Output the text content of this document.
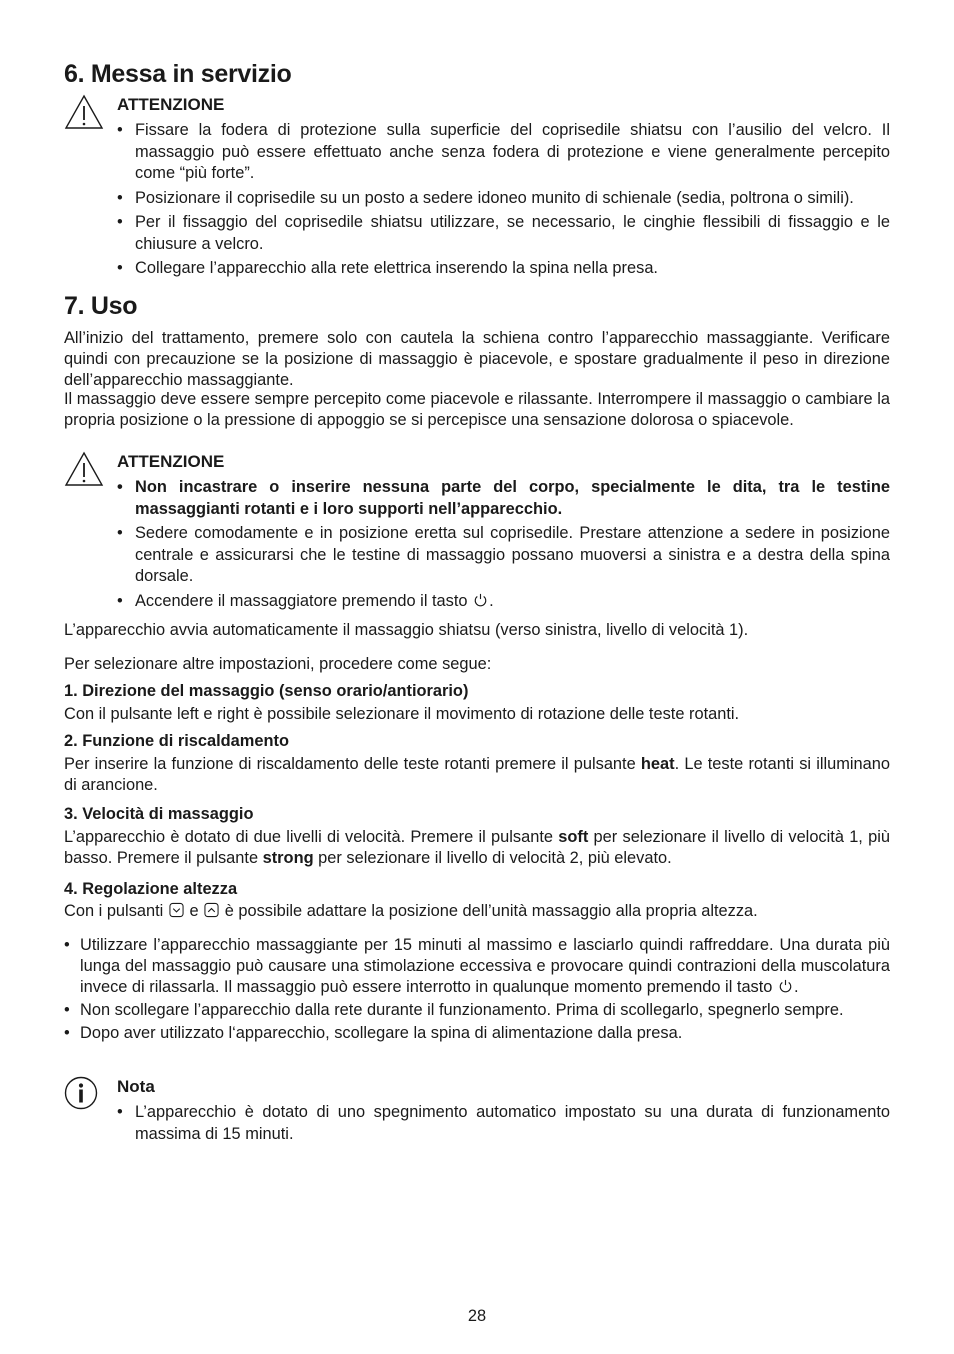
6. Messa in servizio
ATTENZIONE
• Fissare la fodera di protezione sulla superficie del coprisedile shiatsu con l’ausilio del velcro. Il massaggio può essere effettuato anche senza fodera di protezione e viene generalmente percepito come “più forte”.
• Posizionare il coprisedile su un posto a sedere idoneo munito di schienale (sedia, poltrona o simili).
• Per il fissaggio del coprisedile shiatsu utilizzare, se necessario, le cinghie flessibili di fissaggio e le chiusure a velcro.
• Collegare l’apparecchio alla rete elettrica inserendo la spina nella presa.
7. Uso

All’inizio del trattamento, premere solo con cautela la schiena contro l’apparecchio massaggiante. Verificare quindi con precauzione se la posizione di massaggio è piacevole, e spostare gradualmente il peso in direzione dell’apparecchio massaggiante.

Il massaggio deve essere sempre percepito come piacevole e rilassante. Interrompere il massaggio o cambiare la propria posizione o la pressione di appoggio se si percepisce una sensazione dolorosa o spiacevole.

ATTENZIONE
• Non incastrare o inserire nessuna parte del corpo, specialmente le dita, tra le testine massaggianti rotanti e i loro supporti nell’apparecchio.
• Sedere comodamente e in posizione eretta sul coprisedile. Prestare attenzione a sedere in posizione centrale e assicurarsi che le testine di massaggio possano muoversi a sinistra e a destra della spina dorsale.
• Accendere il massaggiatore premendo il tasto .

L’apparecchio avvia automaticamente il massaggio shiatsu (verso sinistra, livello di velocità 1).

Per selezionare altre impostazioni, procedere come segue:

1. Direzione del massaggio (senso orario/antiorario)

Con il pulsante left e right è possibile selezionare il movimento di rotazione delle teste rotanti.

2. Funzione di riscaldamento

Per inserire la funzione di riscaldamento delle teste rotanti premere il pulsante heat. Le teste rotanti si illuminano di arancione.

3. Velocità di massaggio

L’apparecchio è dotato di due livelli di velocità. Premere il pulsante soft per selezionare il livello di velocità 1, più basso. Premere il pulsante strong per selezionare il livello di velocità 2, più elevato.

4. Regolazione altezza

Con i pulsanti e è possibile adattare la posizione dell’unità massaggio alla propria altezza.

• Utilizzare l’apparecchio massaggiante per 15 minuti al massimo e lasciarlo quindi raffreddare. Una durata più lunga del massaggio può causare una stimolazione eccessiva e provocare quindi contrazioni della muscolatura invece di rilassarla. Il massaggio può essere interrotto in qualunque momento premendo il tasto .
• Non scollegare l’apparecchio dalla rete durante il funzionamento. Prima di scollegarlo, spegnerlo sempre.
• Dopo aver utilizzato l‘apparecchio, scollegare la spina di alimentazione dalla presa.
Nota
• L’apparecchio è dotato di uno spegnimento automatico impostato su una durata di funzionamento massima di 15 minuti.
28
